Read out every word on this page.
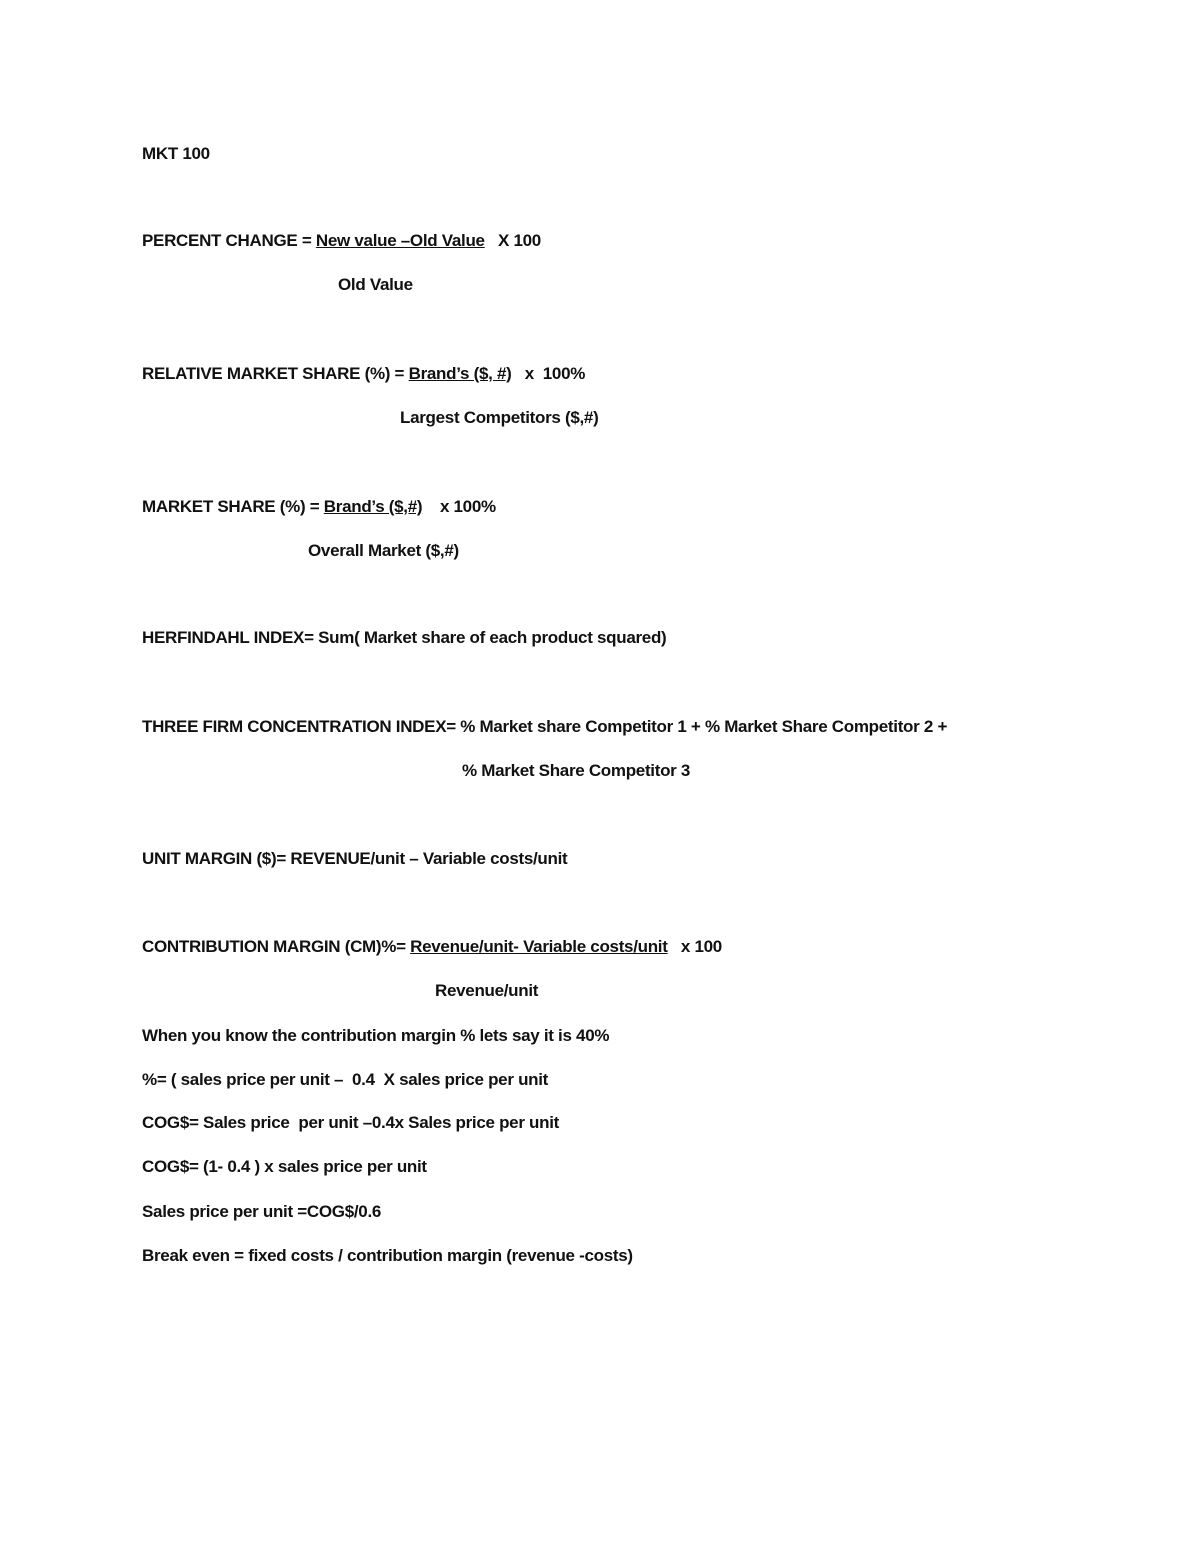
MKT 100
PERCENT CHANGE = New value –Old Value   X 100
Old Value
RELATIVE MARKET SHARE (%) = Brand’s ($, #)   x  100%
Largest Competitors ($,#)
MARKET SHARE (%) = Brand’s ($,#)    x 100%
Overall Market ($,#)
HERFINDAHL INDEX= Sum( Market share of each product squared)
THREE FIRM CONCENTRATION INDEX= % Market share Competitor 1 + % Market Share Competitor 2 +
% Market Share Competitor 3
UNIT MARGIN ($)= REVENUE/unit – Variable costs/unit
CONTRIBUTION MARGIN (CM)%= Revenue/unit- Variable costs/unit   x 100
Revenue/unit
When you know the contribution margin % lets say it is 40%
%= ( sales price per unit –  0.4  X sales price per unit
COG$= Sales price  per unit –0.4x Sales price per unit
COG$= (1- 0.4 ) x sales price per unit
Sales price per unit =COG$/0.6
Break even = fixed costs / contribution margin (revenue -costs)
